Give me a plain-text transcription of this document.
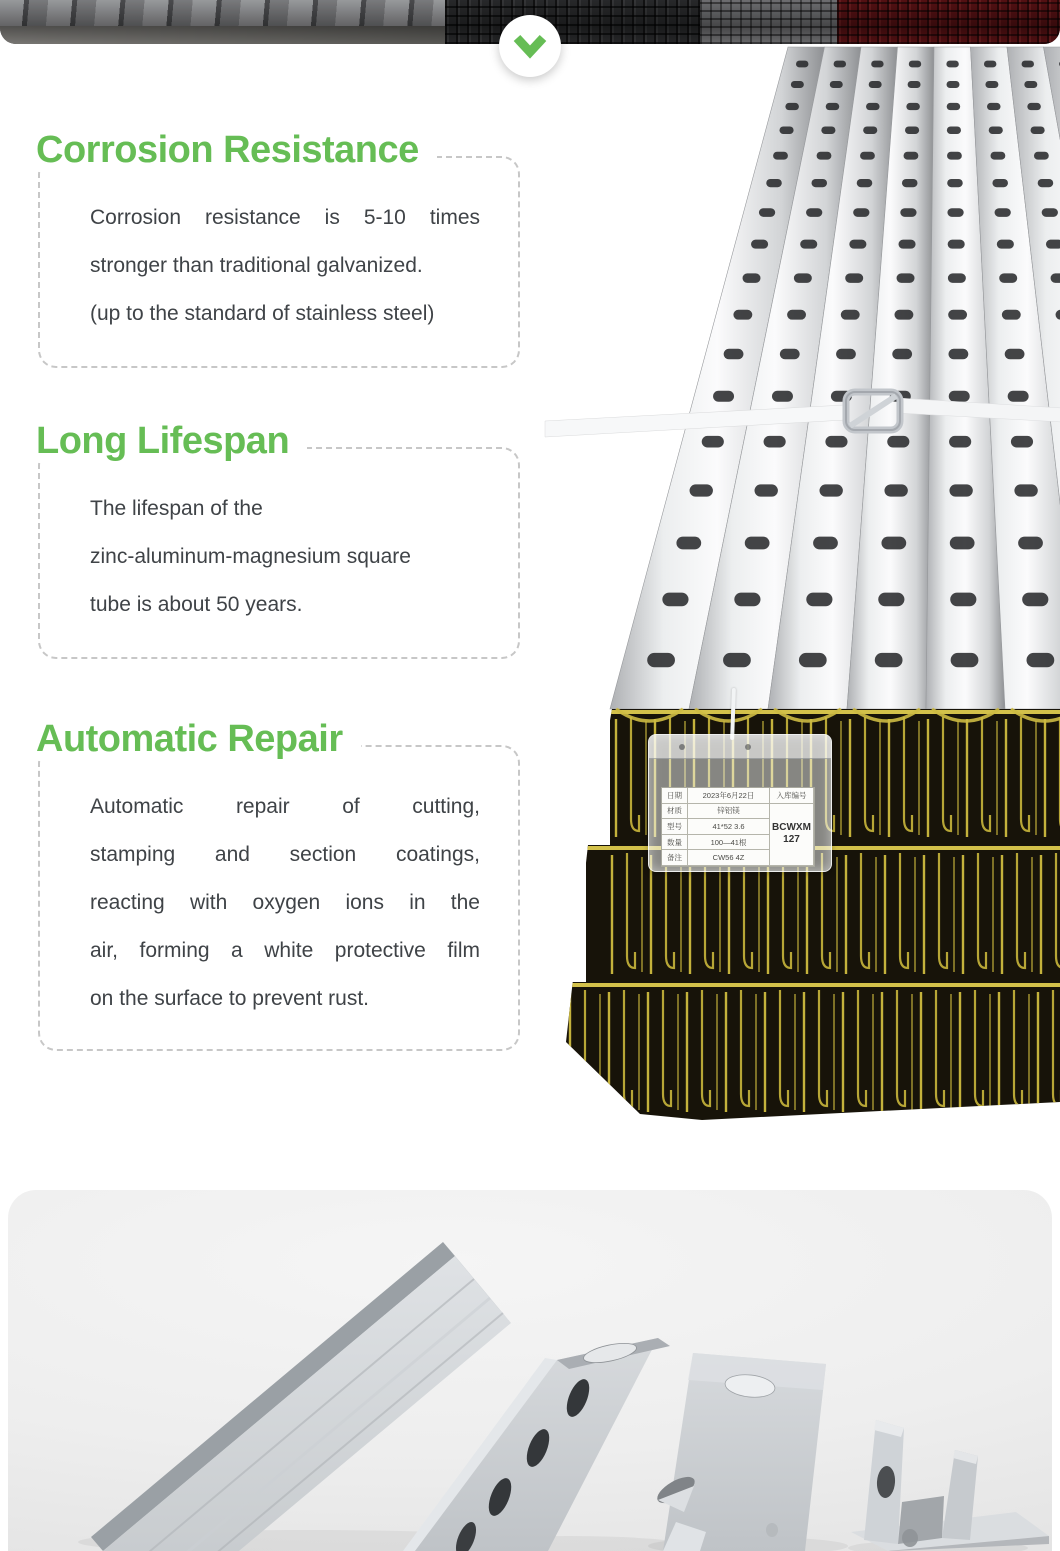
Corrosion Resistance
Corrosion resistance is 5-10 times
stronger than traditional galvanized.
(up to the standard of stainless steel)
Long Lifespan
The lifespan of the
zinc-aluminum-magnesium square
tube is about 50 years.
Automatic Repair
Automatic repair of cutting,
stamping and section coatings,
reacting with oxygen ions in the
air, forming a white protective film
on the surface to prevent rust.
日期	2023年6月22日	入库编号
材质	锌铝镁
BCWXM
127
型号	41*52 3.6
数量	100—41根
备注	CW56 4Z
